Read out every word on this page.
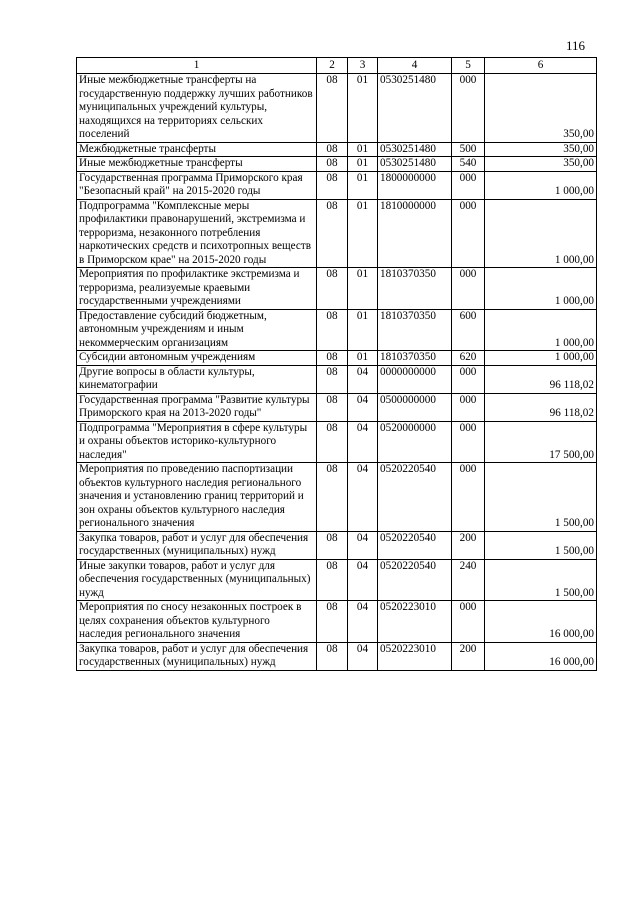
116
1	2	3	4	5	6
Иные межбюджетные трансферты на государственную поддержку лучших работников муниципальных учреждений культуры, находящихся на территориях сельских поселений	08	01	0530251480	000	350,00
Межбюджетные трансферты	08	01	0530251480	500	350,00
Иные межбюджетные трансферты	08	01	0530251480	540	350,00
Государственная программа Приморского края "Безопасный край" на 2015-2020 годы	08	01	1800000000	000	1 000,00
Подпрограмма "Комплексные меры профилактики правонарушений, экстремизма и терроризма, незаконного потребления наркотических средств и психотропных веществ в Приморском крае" на 2015-2020 годы	08	01	1810000000	000	1 000,00
Мероприятия по профилактике экстремизма и терроризма, реализуемые краевыми государственными учреждениями	08	01	1810370350	000	1 000,00
Предоставление субсидий бюджетным, автономным учреждениям и иным некоммерческим организациям	08	01	1810370350	600	1 000,00
Субсидии автономным учреждениям	08	01	1810370350	620	1 000,00
Другие вопросы в области культуры, кинематографии	08	04	0000000000	000	96 118,02
Государственная программа "Развитие культуры Приморского края на 2013-2020 годы"	08	04	0500000000	000	96 118,02
Подпрограмма "Мероприятия в сфере культуры и охраны объектов историко-культурного наследия"	08	04	0520000000	000	17 500,00
Мероприятия по проведению паспортизации объектов культурного наследия регионального значения и установлению границ территорий и зон охраны объектов культурного наследия регионального значения	08	04	0520220540	000	1 500,00
Закупка товаров, работ и услуг для обеспечения государственных (муниципальных) нужд	08	04	0520220540	200	1 500,00
Иные закупки товаров, работ и услуг для обеспечения государственных (муниципальных) нужд	08	04	0520220540	240	1 500,00
Мероприятия по сносу незаконных построек в целях сохранения объектов культурного наследия регионального значения	08	04	0520223010	000	16 000,00
Закупка товаров, работ и услуг для обеспечения государственных (муниципальных) нужд	08	04	0520223010	200	16 000,00
